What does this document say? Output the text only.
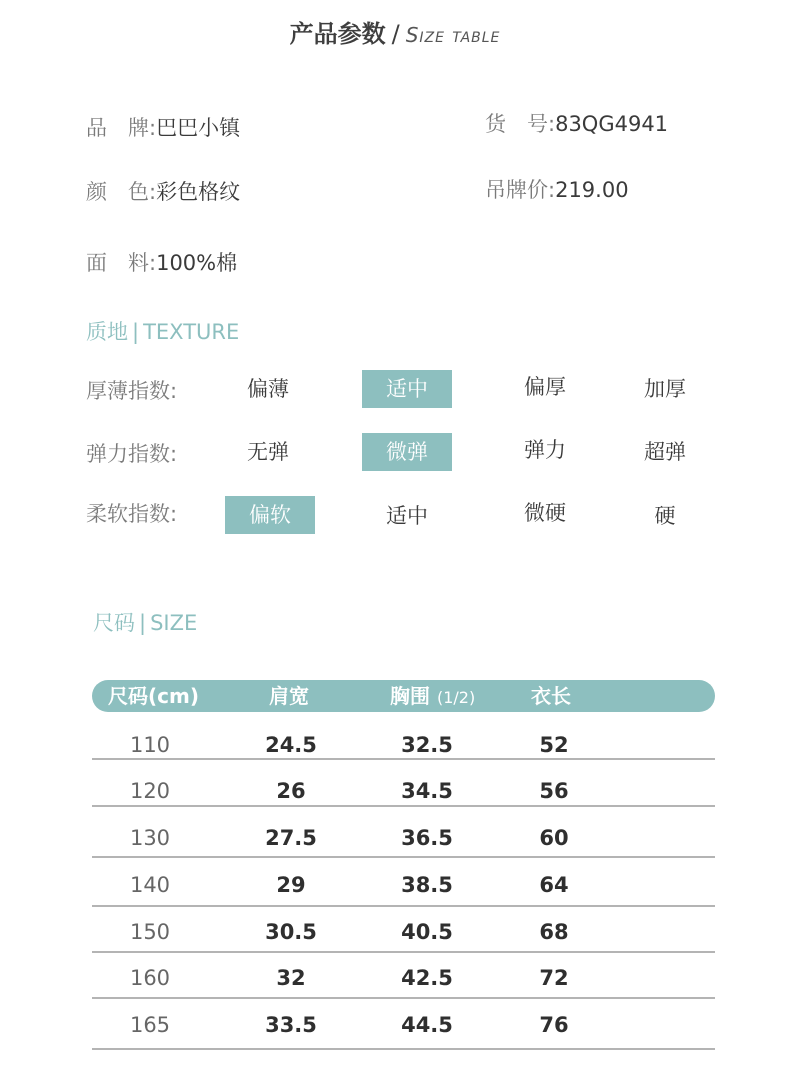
产品参数 / Size table
品　牌:巴巴小镇	货　号:83QG4941
颜　色:彩色格纹	吊牌价:219.00
面　料:100%棉
质地 | TEXTURE
厚薄指数:	偏薄	适中	偏厚	加厚
弹力指数:	无弹	微弹	弹力	超弹
柔软指数:	偏软	适中	微硬	硬
尺码 | SIZE
尺码(cm)	肩宽	胸围 (1/2)	衣长
110	24.5	32.5	52
120	26	34.5	56
130	27.5	36.5	60
140	29	38.5	64
150	30.5	40.5	68
160	32	42.5	72
165	33.5	44.5	76
